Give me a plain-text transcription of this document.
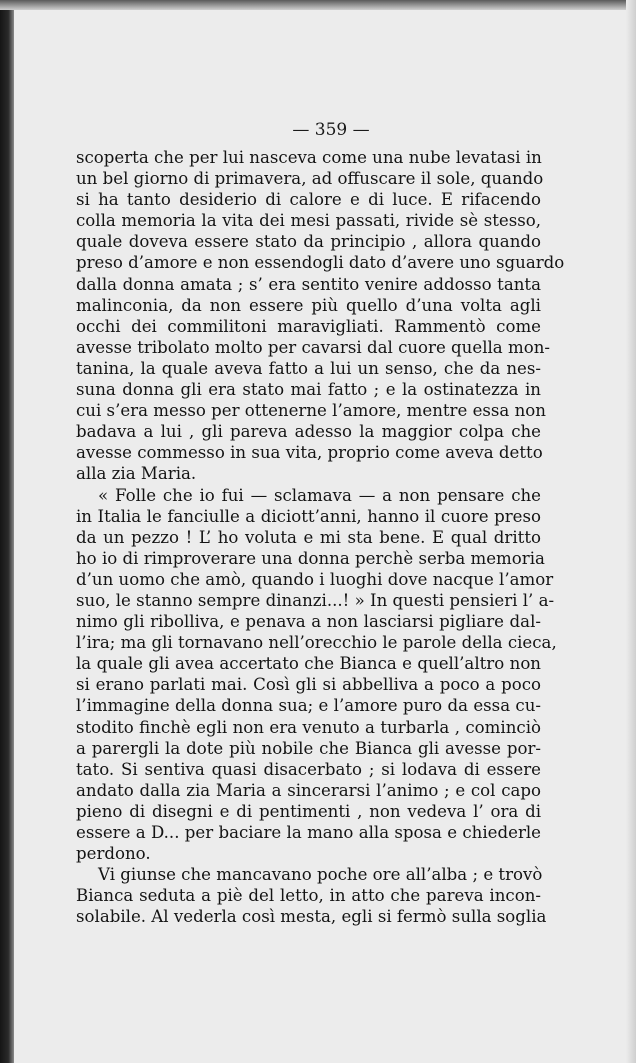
— 359 —
scoperta che per lui nasceva come una nube levatasi in
un bel giorno di primavera, ad offuscare il sole, quando
si ha tanto desiderio di calore e di luce. E rifacendo
colla memoria la vita dei mesi passati, rivide sè stesso,
quale doveva essere stato da principio , allora quando
preso d’amore e non essendogli dato d’avere uno sguardo
dalla donna amata ; s’ era sentito venire addosso tanta
malinconia, da non essere più quello d’una volta agli
occhi dei commilitoni maravigliati. Rammentò come
avesse tribolato molto per cavarsi dal cuore quella mon-
tanina, la quale aveva fatto a lui un senso, che da nes-
suna donna gli era stato mai fatto ; e la ostinatezza in
cui s’era messo per ottenerne l’amore, mentre essa non
badava a lui , gli pareva adesso la maggior colpa che
avesse commesso in sua vita, proprio come aveva detto
alla zia Maria.
« Folle che io fui — sclamava — a non pensare che
in Italia le fanciulle a diciott’anni, hanno il cuore preso
da un pezzo ! L’ ho voluta e mi sta bene. E qual dritto
ho io di rimproverare una donna perchè serba memoria
d’un uomo che amò, quando i luoghi dove nacque l’amor
suo, le stanno sempre dinanzi...! » In questi pensieri l’ a-
nimo gli ribolliva, e penava a non lasciarsi pigliare dal-
l’ira; ma gli tornavano nell’orecchio le parole della cieca,
la quale gli avea accertato che Bianca e quell’altro non
si erano parlati mai. Così gli si abbelliva a poco a poco
l’immagine della donna sua; e l’amore puro da essa cu-
stodito finchè egli non era venuto a turbarla , cominciò
a parergli la dote più nobile che Bianca gli avesse por-
tato. Si sentiva quasi disacerbato ; si lodava di essere
andato dalla zia Maria a sincerarsi l’animo ; e col capo
pieno di disegni e di pentimenti , non vedeva l’ ora di
essere a D... per baciare la mano alla sposa e chiederle
perdono.
Vi giunse che mancavano poche ore all’alba ; e trovò
Bianca seduta a piè del letto, in atto che pareva incon-
solabile. Al vederla così mesta, egli si fermò sulla soglia
